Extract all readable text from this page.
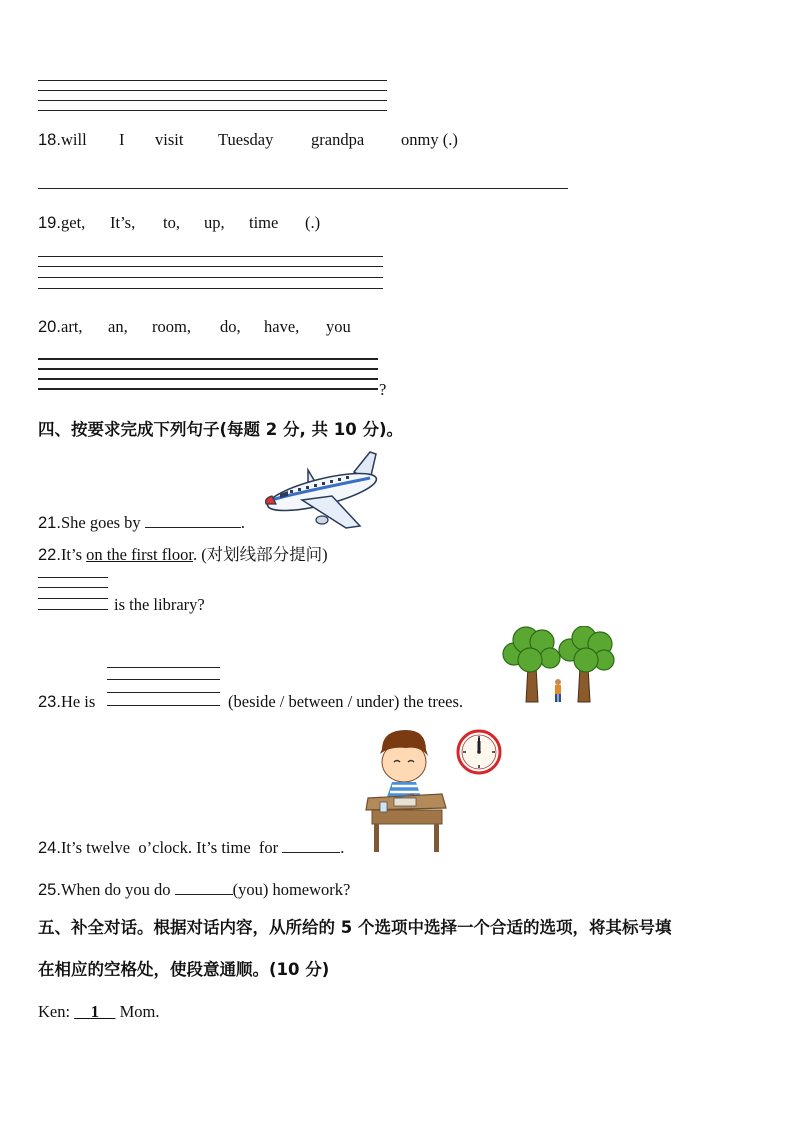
18. will I visit Tuesday grandpa onmy (.)
19. get, It’s, to, up, time (.)
20. art, an, room, do, have, you
?
四、按要求完成下列句子(每题 2 分, 共 10 分)。
21.She goes by	.
22.It’s on the first floor. (对划线部分提问)
is the library?
23.He is	(beside / between / under) the trees.
24.It’s twelve  o’clock. It’s time  for	.
25.When do you do	(you) homework?
五、补全对话。根据对话内容，从所给的 5 个选项中选择一个合适的选项，将其标号填
在相应的空格处，使段意通顺。(10 分)
Ken: 1 Mom.
